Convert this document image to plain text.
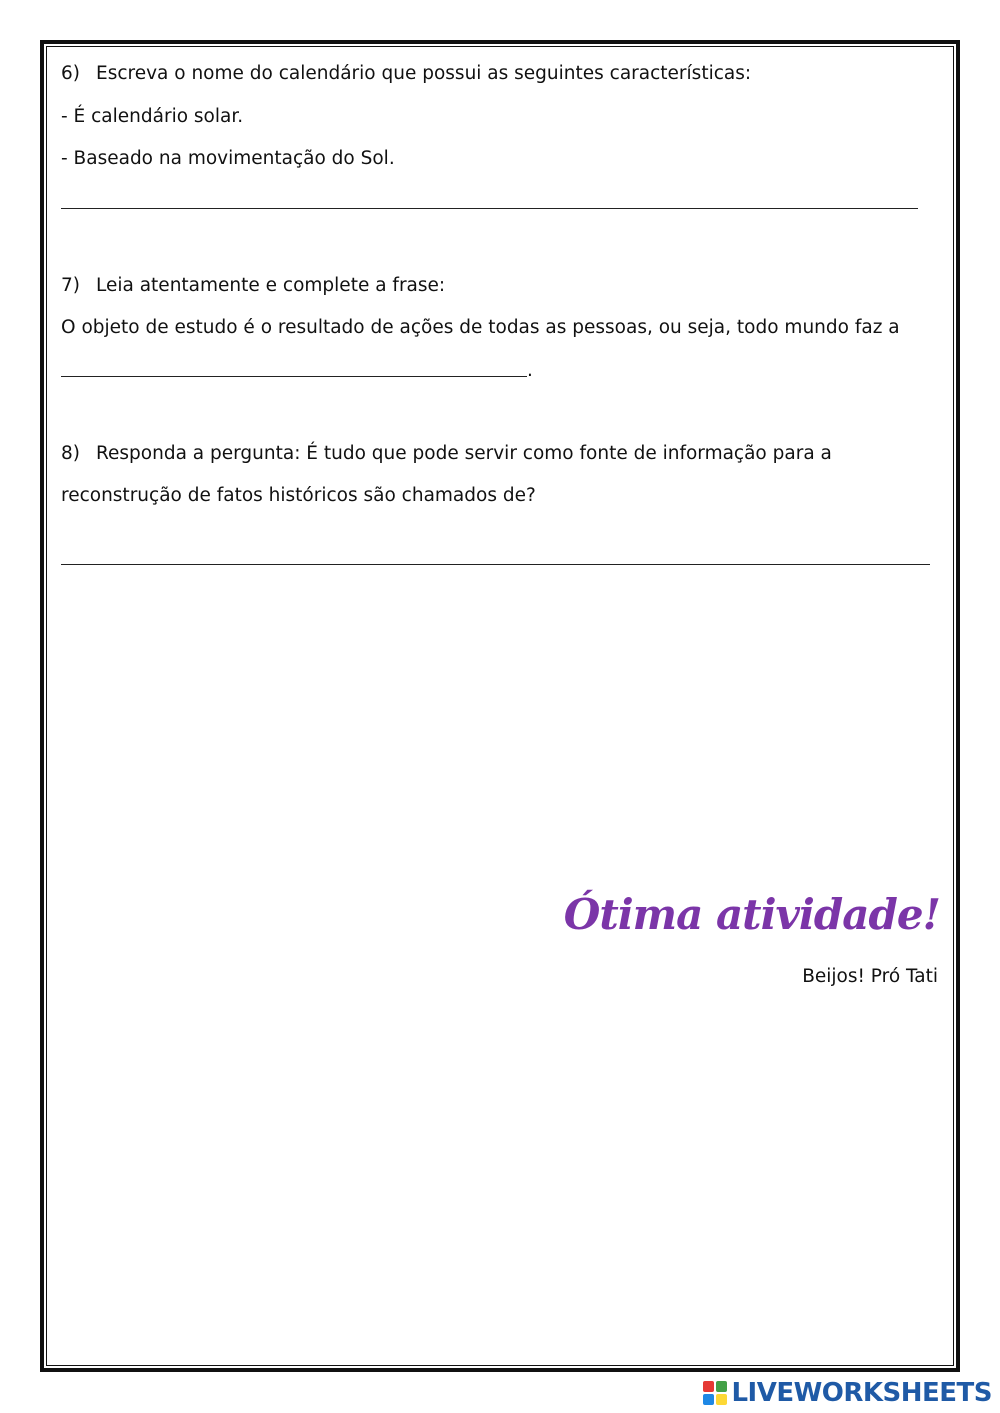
6) Escreva o nome do calendário que possui as seguintes características:
- É calendário solar.
- Baseado na movimentação do Sol.
7) Leia atentamente e complete a frase:
O objeto de estudo é o resultado de ações de todas as pessoas, ou seja, todo mundo faz a
.
8) Responda a pergunta: É tudo que pode servir como fonte de informação para a
reconstrução de fatos históricos são chamados de?
Ótima atividade!
Beijos! Pró Tati
LIVEWORKSHEETS
